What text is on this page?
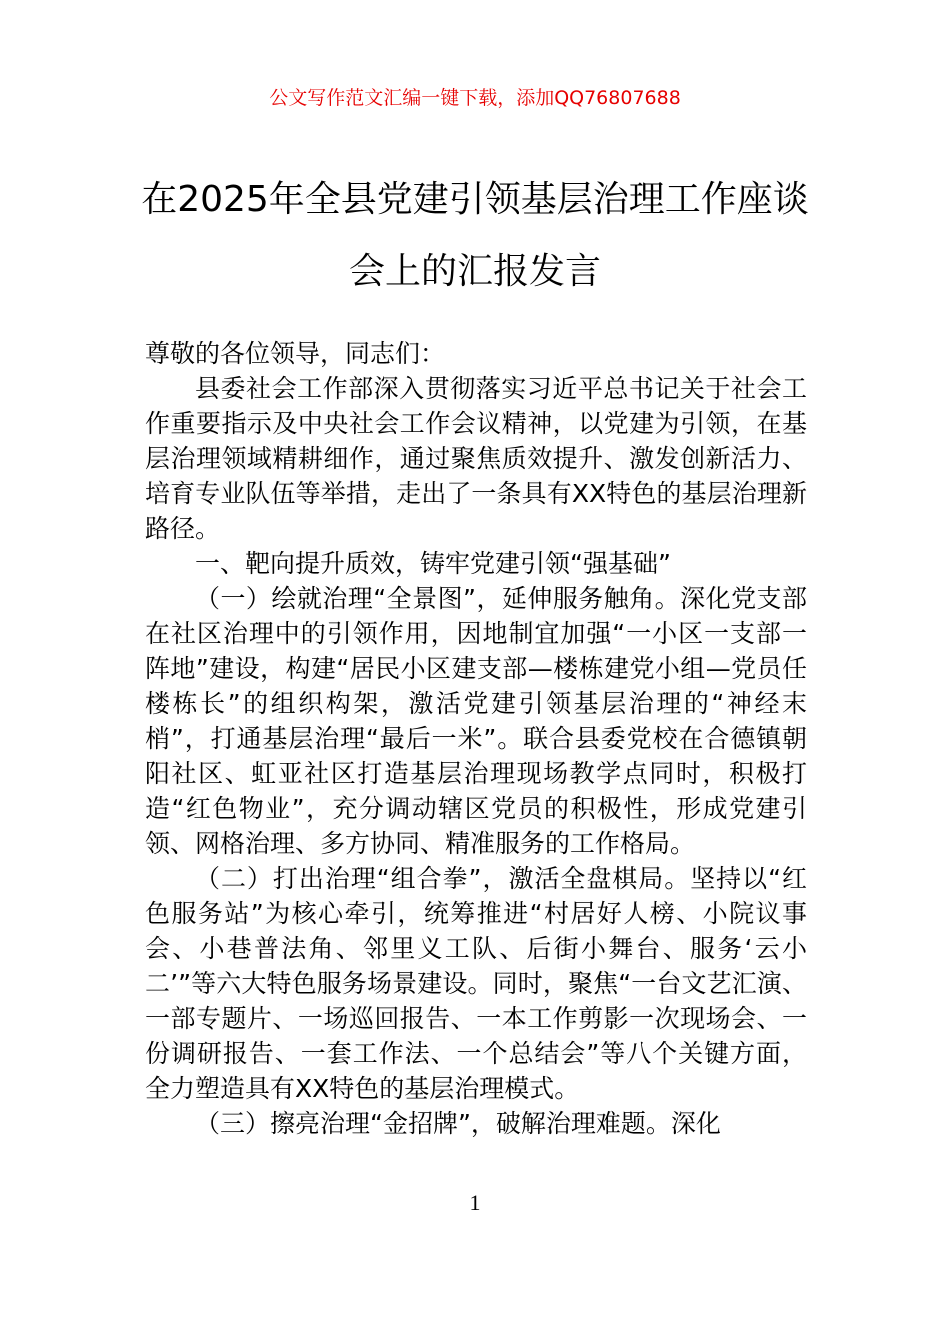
公文写作范文汇编一键下载，添加QQ76807688
在2025年全县党建引领基层治理工作座谈会上的汇报发言

尊敬的各位领导，同志们：

县委社会工作部深入贯彻落实习近平总书记关于社会工作重要指示及中央社会工作会议精神，以党建为引领，在基层治理领域精耕细作，通过聚焦质效提升、激发创新活力、培育专业队伍等举措，走出了一条具有XX特色的基层治理新路径。

一、靶向提升质效，铸牢党建引领“强基础”

（一）绘就治理“全景图”，延伸服务触角。深化党支部在社区治理中的引领作用，因地制宜加强“一小区一支部一阵地”建设，构建“居民小区建支部—楼栋建党小组—党员任楼栋长”的组织构架，激活党建引领基层治理的“神经末梢”，打通基层治理“最后一米”。联合县委党校在合德镇朝阳社区、虹亚社区打造基层治理现场教学点同时，积极打造“红色物业”，充分调动辖区党员的积极性，形成党建引领、网格治理、多方协同、精准服务的工作格局。

（二）打出治理“组合拳”，激活全盘棋局。坚持以“红色服务站”为核心牵引，统筹推进“村居好人榜、小院议事会、小巷普法角、邻里义工队、后街小舞台、服务‘云小二’”等六大特色服务场景建设。同时，聚焦“一台文艺汇演、一部专题片、一场巡回报告、一本工作剪影一次现场会、一份调研报告、一套工作法、一个总结会”等八个关键方面，全力塑造具有XX特色的基层治理模式。

（三）擦亮治理“金招牌”，破解治理难题。深化

1
